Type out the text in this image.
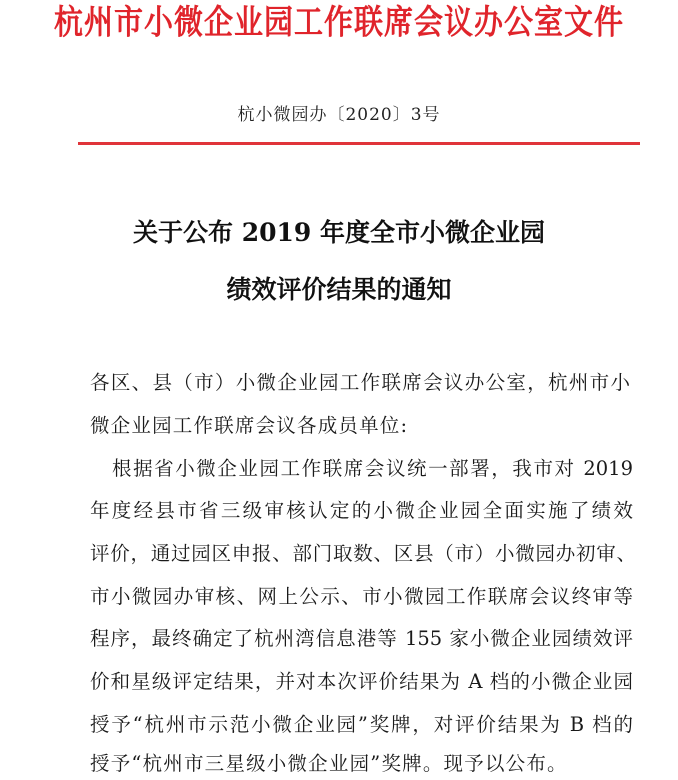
杭州市小微企业园工作联席会议办公室文件
杭小微园办〔2020〕3号
关于公布 2019 年度全市小微企业园
绩效评价结果的通知
各区、县（市）小微企业园工作联席会议办公室，杭州市小
微企业园工作联席会议各成员单位:
根据省小微企业园工作联席会议统一部署，我市对 2019
年度经县市省三级审核认定的小微企业园全面实施了绩效
评价，通过园区申报、部门取数、区县（市）小微园办初审、
市小微园办审核、网上公示、市小微园工作联席会议终审等
程序，最终确定了杭州湾信息港等 155 家小微企业园绩效评
价和星级评定结果，并对本次评价结果为 A 档的小微企业园
授予“杭州市示范小微企业园”奖牌，对评价结果为 B 档的
授予“杭州市三星级小微企业园”奖牌。现予以公布。
